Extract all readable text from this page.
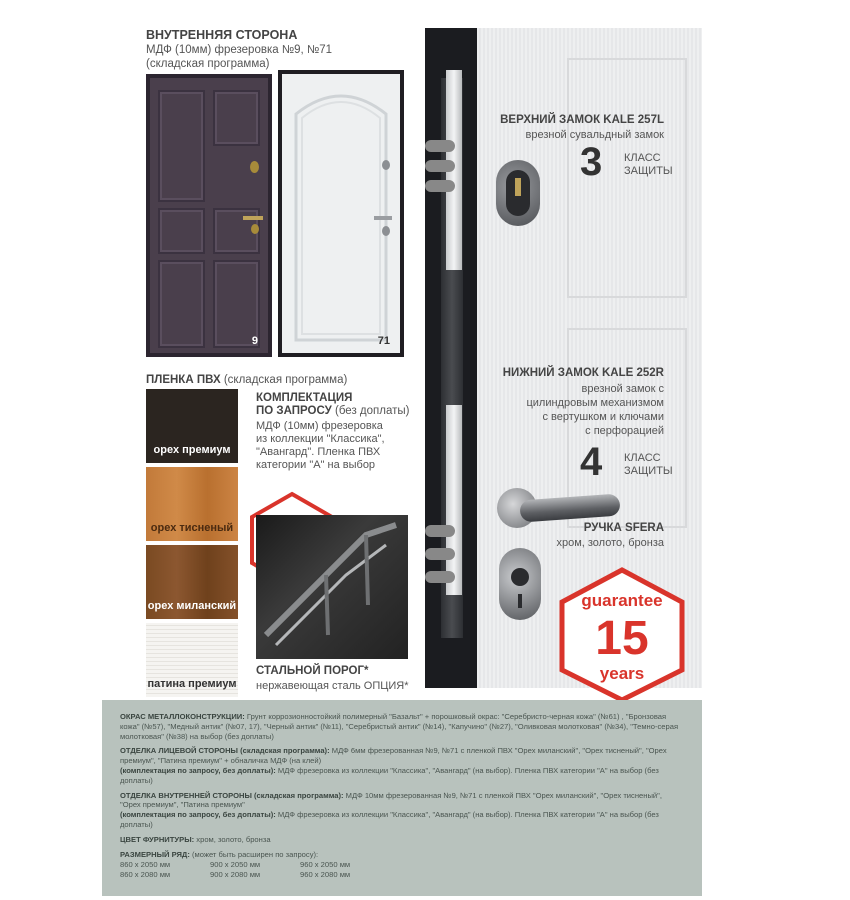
ВНУТРЕННЯЯ СТОРОНА
МДФ (10мм) фрезеровка №9, №71
(складская программа)
9	71
ПЛЕНКА ПВХ (складская программа)
орех премиум
орех тисненый
орех миланский
патина премиум
КОМПЛЕКТАЦИЯ
ПО ЗАПРОСУ (без доплаты)
МДФ (10мм) фрезеровка
из коллекции "Классика",
"Авангард". Пленка ПВХ
категории "А" на выбор
СТАЛЬНОЙ ПОРОГ*
нержавеющая сталь ОПЦИЯ*
ВЕРХНИЙ ЗАМОК KALE 257L
врезной сувальдный замок
3 КЛАСС
ЗАЩИТЫ
НИЖНИЙ ЗАМОК KALE 252R
врезной замок с
цилиндровым механизмом
с вертушком и ключами
с перфорацией
4 КЛАСС
ЗАЩИТЫ
РУЧКА SFERA
хром, золото, бронза
guarantee
15
years

ОКРАС МЕТАЛЛОКОНСТРУКЦИИ: Грунт коррозионностойкий полимерный "Базальт" + порошковый окрас: "Серебристо-черная кожа" (№61) , "Бронзовая кожа" (№57), "Медный антик" (№07, 17), "Черный антик" (№11), "Серебристый антик" (№14), "Капучино" (№27), "Оливковая молотковая" (№34), "Темно-серая молотковая" (№38) на выбор (без доплаты)

ОТДЕЛКА ЛИЦЕВОЙ СТОРОНЫ (складская программа): МДФ 6мм фрезерованная №9, №71 с пленкой ПВХ "Орех миланский", "Орех тисненый", "Орех премиум", "Патина премиум" + обналичка МДФ (на клей)
(комплектация по запросу, без доплаты): МДФ фрезеровка из коллекции "Классика", "Авангард" (на выбор). Пленка ПВХ категории "А" на выбор (без доплаты)

ОТДЕЛКА ВНУТРЕННЕЙ СТОРОНЫ (складская программа): МДФ 10мм фрезерованная №9, №71 с пленкой ПВХ "Орех миланский", "Орех тисненый", "Орех премиум", "Патина премиум"
(комплектация по запросу, без доплаты): МДФ фрезеровка из коллекции "Классика", "Авангард" (на выбор). Пленка ПВХ категории "А" на выбор (без доплаты)

ЦВЕТ ФУРНИТУРЫ: хром, золото, бронза

РАЗМЕРНЫЙ РЯД: (может быть расширен по запросу):

860 х 2050 мм	900 х 2050 мм	960 х 2050 мм
860 х 2080 мм	900 х 2080 мм	960 х 2080 мм
